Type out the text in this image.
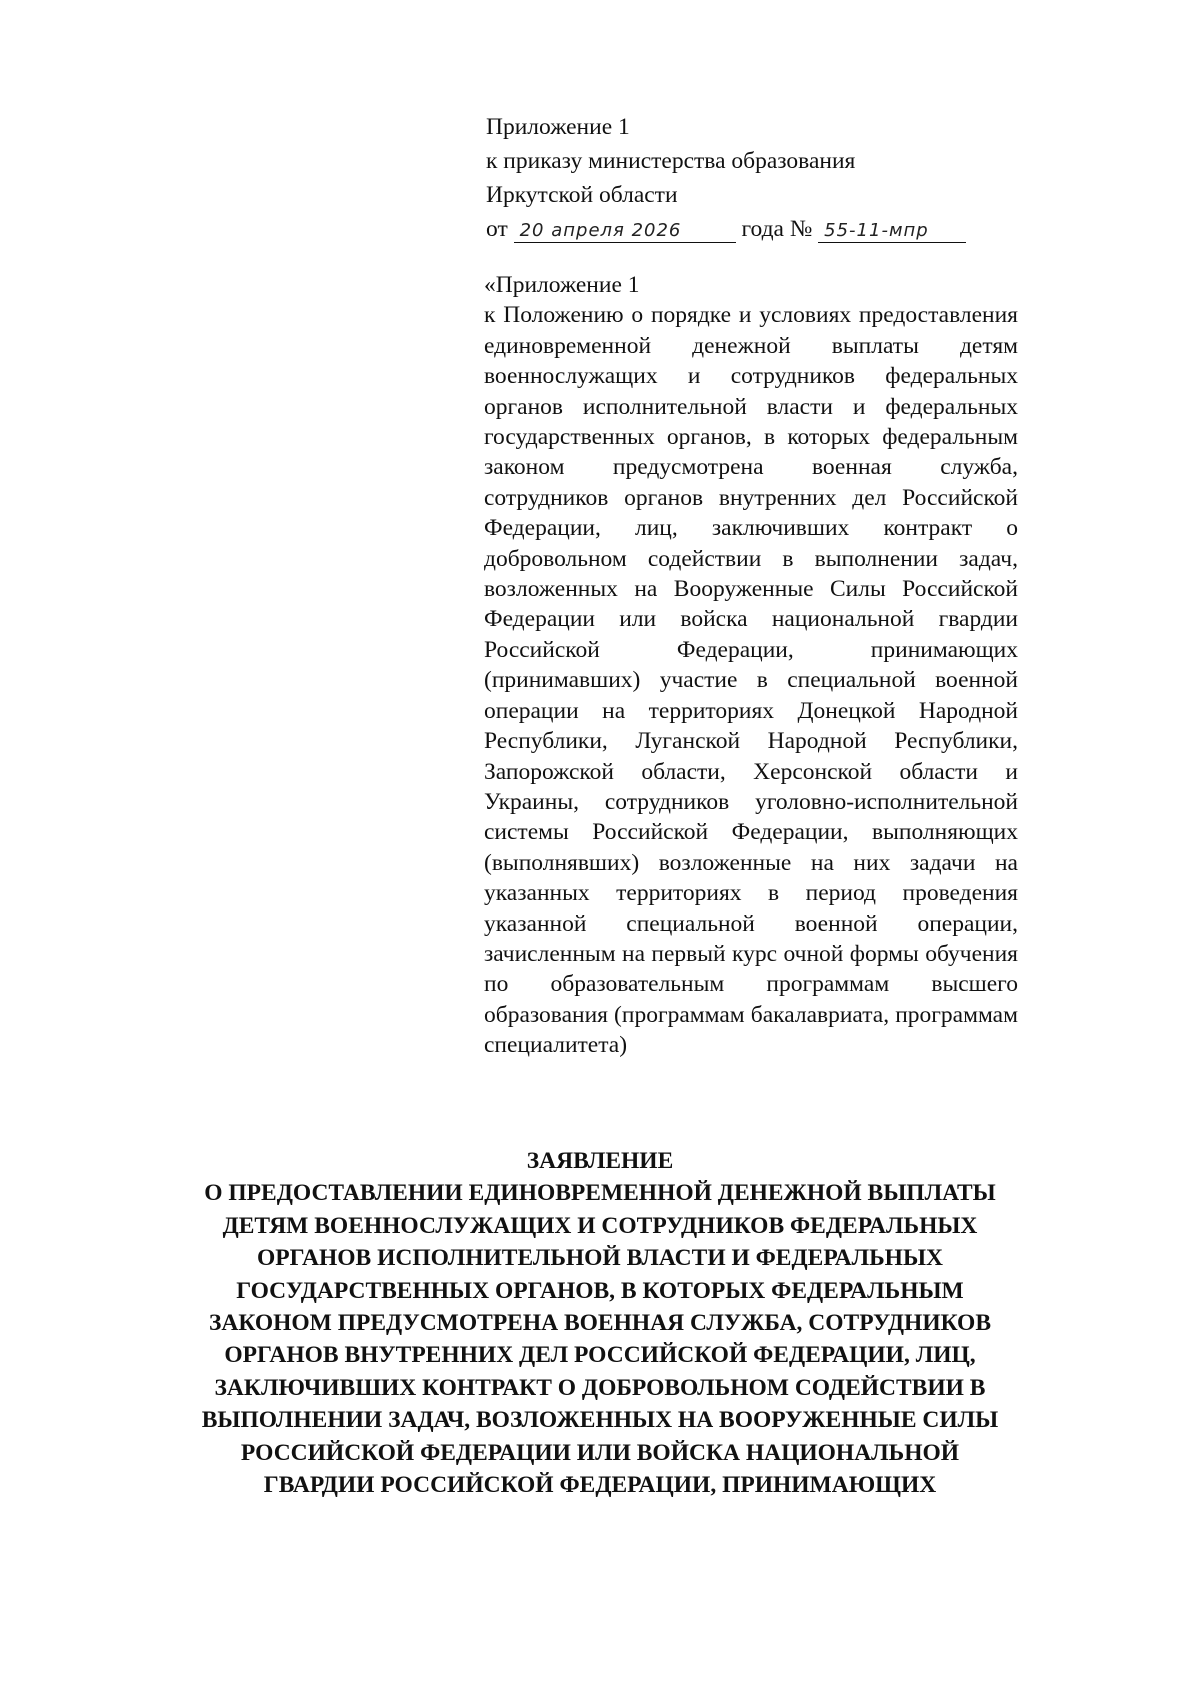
Приложение 1
к приказу министерства образования
Иркутской области
от 20 апреля 2026	года № 55-11-мпр
«Приложение 1
к Положению о порядке и условиях предоставления единовременной денежной выплаты детям военнослужащих и сотрудников федеральных органов исполнительной власти и федеральных государственных органов, в которых федеральным законом предусмотрена военная служба, сотрудников органов внутренних дел Российской Федерации, лиц, заключивших контракт о добровольном содействии в выполнении задач, возложенных на Вооруженные Силы Российской Федерации или войска национальной гвардии Российской Федерации, принимающих (принимавших) участие в специальной военной операции на территориях Донецкой Народной Республики, Луганской Народной Республики, Запорожской области, Херсонской области и Украины, сотрудников уголовно-исполнительной системы Российской Федерации, выполняющих (выполнявших) возложенные на них задачи на указанных территориях в период проведения указанной специальной военной операции, зачисленным на первый курс очной формы обучения по образовательным программам высшего образования (программам бакалавриата, программам специалитета)
ЗАЯВЛЕНИЕ
О ПРЕДОСТАВЛЕНИИ ЕДИНОВРЕМЕННОЙ ДЕНЕЖНОЙ ВЫПЛАТЫ
ДЕТЯМ ВОЕННОСЛУЖАЩИХ И СОТРУДНИКОВ ФЕДЕРАЛЬНЫХ
ОРГАНОВ ИСПОЛНИТЕЛЬНОЙ ВЛАСТИ И ФЕДЕРАЛЬНЫХ
ГОСУДАРСТВЕННЫХ ОРГАНОВ, В КОТОРЫХ ФЕДЕРАЛЬНЫМ
ЗАКОНОМ ПРЕДУСМОТРЕНА ВОЕННАЯ СЛУЖБА, СОТРУДНИКОВ
ОРГАНОВ ВНУТРЕННИХ ДЕЛ РОССИЙСКОЙ ФЕДЕРАЦИИ, ЛИЦ,
ЗАКЛЮЧИВШИХ КОНТРАКТ О ДОБРОВОЛЬНОМ СОДЕЙСТВИИ В
ВЫПОЛНЕНИИ ЗАДАЧ, ВОЗЛОЖЕННЫХ НА ВООРУЖЕННЫЕ СИЛЫ
РОССИЙСКОЙ ФЕДЕРАЦИИ ИЛИ ВОЙСКА НАЦИОНАЛЬНОЙ
ГВАРДИИ РОССИЙСКОЙ ФЕДЕРАЦИИ, ПРИНИМАЮЩИХ
